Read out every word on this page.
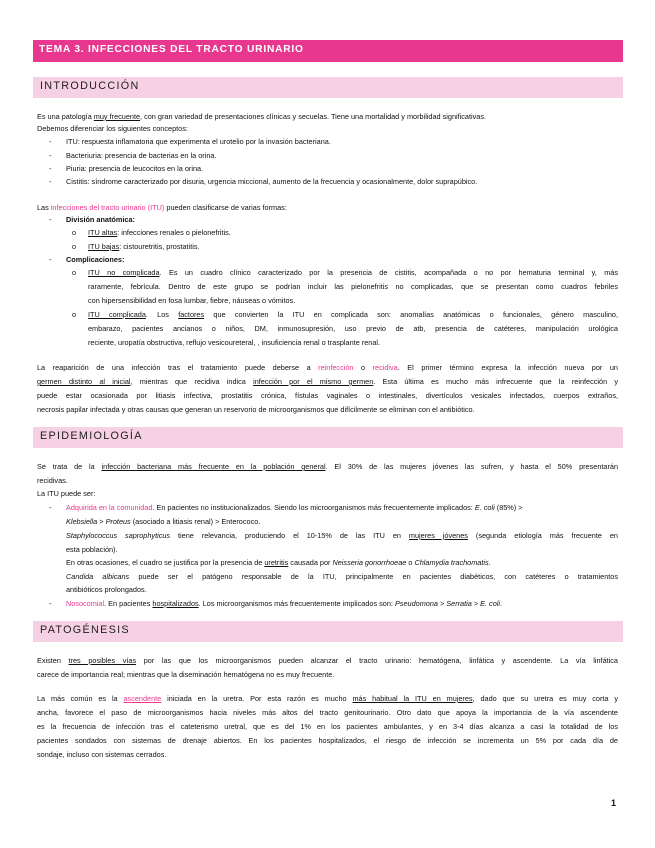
TEMA 3. INFECCIONES DEL TRACTO URINARIO
INTRODUCCIÓN
Es una patología muy frecuente, con gran variedad de presentaciones clínicas y secuelas. Tiene una mortalidad y morbilidad significativas.
Debemos diferenciar los siguientes conceptos:
- ITU: respuesta inflamatoria que experimenta el urotelio por la invasión bacteriana.
- Bacteriuria: presencia de bacterias en la orina.
- Piuria: presencia de leucocitos en la orina.
- Cistitis: síndrome caracterizado por disuria, urgencia miccional, aumento de la frecuencia y ocasionalmente, dolor suprapúbico.
Las infecciones del tracto urinario (ITU) pueden clasificarse de varias formas:
- División anatómica:
o ITU altas: infecciones renales o pielonefritis.
o ITU bajas: cistouretritis, prostatitis.
- Complicaciones:
o ITU no complicada. Es un cuadro clínico caracterizado por la presencia de cistitis, acompañada o no por hematuria terminal y, más
raramente, febrícula. Dentro de este grupo se podrían incluir las pielonefritis no complicadas, que se presentan como cuadros febriles
con hipersensibilidad en fosa lumbar, fiebre, náuseas o vómitos.
o ITU complicada. Los factores que convierten la ITU en complicada son: anomalías anatómicas o funcionales, género masculino,
embarazo, pacientes ancianos o niños, DM, inmunosupresión, uso previo de atb, presencia de catéteres, manipulación urológica
reciente, uropatía obstructiva, reflujo vesicoureteral, , insuficiencia renal o trasplante renal.
La reaparición de una infección tras el tratamiento puede deberse a reinfección o recidiva. El primer término expresa la infección nueva por un
germen distinto al inicial, mientras que recidiva indica infección por el mismo germen. Esta última es mucho más infrecuente que la reinfección y
puede estar ocasionada por litiasis infectiva, prostatitis crónica, fístulas vaginales o intestinales, divertículos vesicales infectados, cuerpos extraños,
necrosis papilar infectada y otras causas que generan un reservorio de microorganismos que difícilmente se eliminan con el antibiótico.
EPIDEMIOLOGÍA
Se trata de la infección bacteriana más frecuente en la población general. El 30% de las mujeres jóvenes las sufren, y hasta el 50% presentarán
recidivas.
La ITU puede ser:
- Adquirida en la comunidad. En pacientes no institucionalizados. Siendo los microorganismos más frecuentemente implicados: E. coli (85%) >
Klebsiella > Proteus (asociado a litiasis renal) > Enterococo.
Staphylococcus saprophyticus tiene relevancia, produciendo el 10-15% de las ITU en mujeres jóvenes (segunda etiología más frecuente en
esta población).
En otras ocasiones, el cuadro se justifica por la presencia de uretritis causada por Neisseria gonorrhoeae o Chlamydia trachomatis.
Candida albicans puede ser el patógeno responsable de la ITU, principalmente en pacientes diabéticos, con catéteres o tratamientos
antibióticos prolongados.
- Nosocomial. En pacientes hospitalizados. Los microorganismos más frecuentemente implicados son: Pseudomona > Serratia > E. coli.
PATOGÉNESIS
Existen tres posibles vías por las que los microorganismos pueden alcanzar el tracto urinario: hematógena, linfática y ascendente. La vía linfática
carece de importancia real; mientras que la diseminación hematógena no es muy frecuente.
La más común es la ascendente iniciada en la uretra. Por esta razón es mucho más habitual la ITU en mujeres, dado que su uretra es muy corta y
ancha, favorece el paso de microorganismos hacia niveles más altos del tracto genitourinario. Otro dato que apoya la importancia de la vía ascendente
es la frecuencia de infección tras el cateterismo uretral, que es del 1% en los pacientes ambulantes, y en 3-4 días alcanza a casi la totalidad de los
pacientes sondados con sistemas de drenaje abiertos. En los pacientes hospitalizados, el riesgo de infección se incrementa un 5% por cada día de
sondaje, incluso con sistemas cerrados.
1
